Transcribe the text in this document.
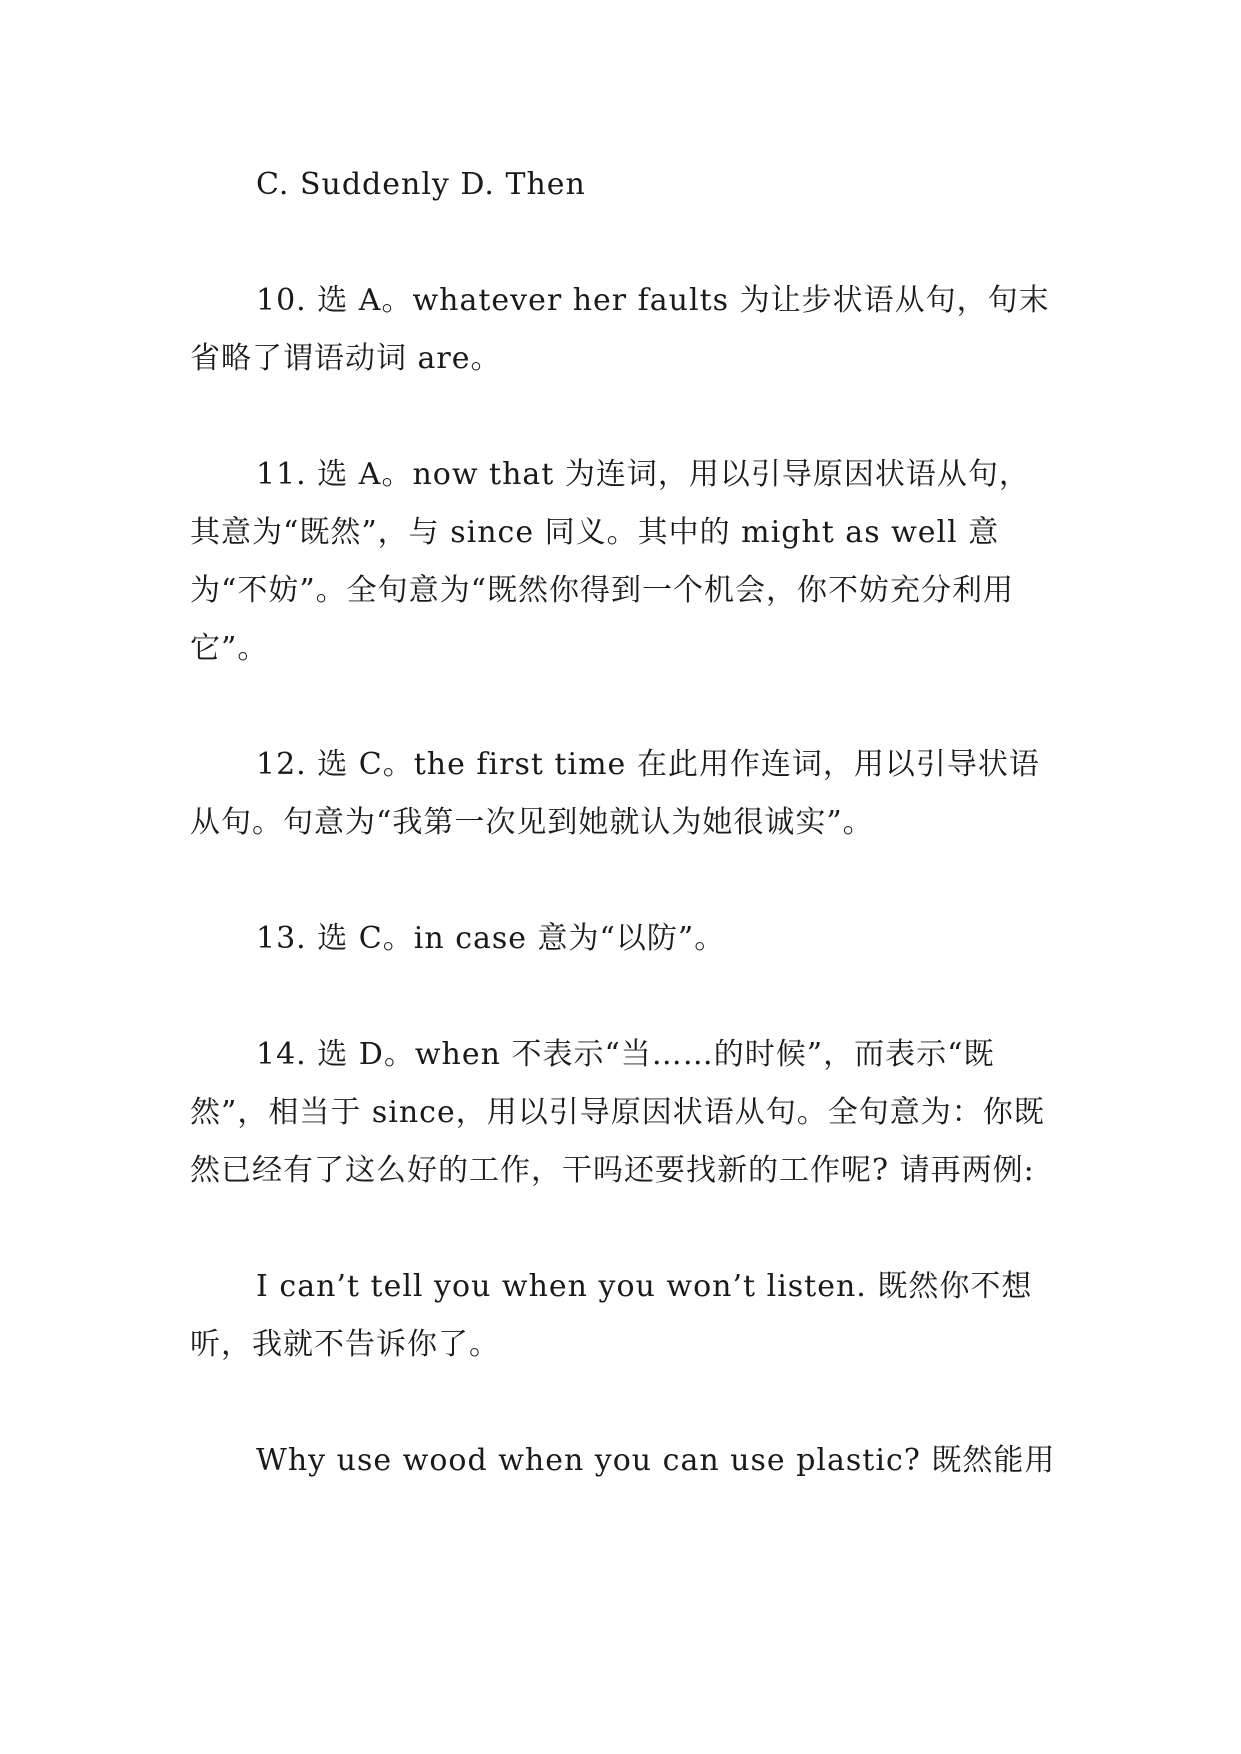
C. Suddenly D. Then

10. 选 A。whatever her faults 为让步状语从句，句末省略了谓语动词 are。

11. 选 A。now that 为连词，用以引导原因状语从句，其意为“既然”，与 since 同义。其中的 might as well 意为“不妨”。全句意为“既然你得到一个机会，你不妨充分利用它”。

12. 选 C。the first time 在此用作连词，用以引导状语从句。句意为“我第一次见到她就认为她很诚实”。

13. 选 C。in case 意为“以防”。

14. 选 D。when 不表示“当……的时候”，而表示“既然”，相当于 since，用以引导原因状语从句。全句意为：你既然已经有了这么好的工作，干吗还要找新的工作呢? 请再两例:

I can’t tell you when you won’t listen. 既然你不想听，我就不告诉你了。

Why use wood when you can use plastic? 既然能用
